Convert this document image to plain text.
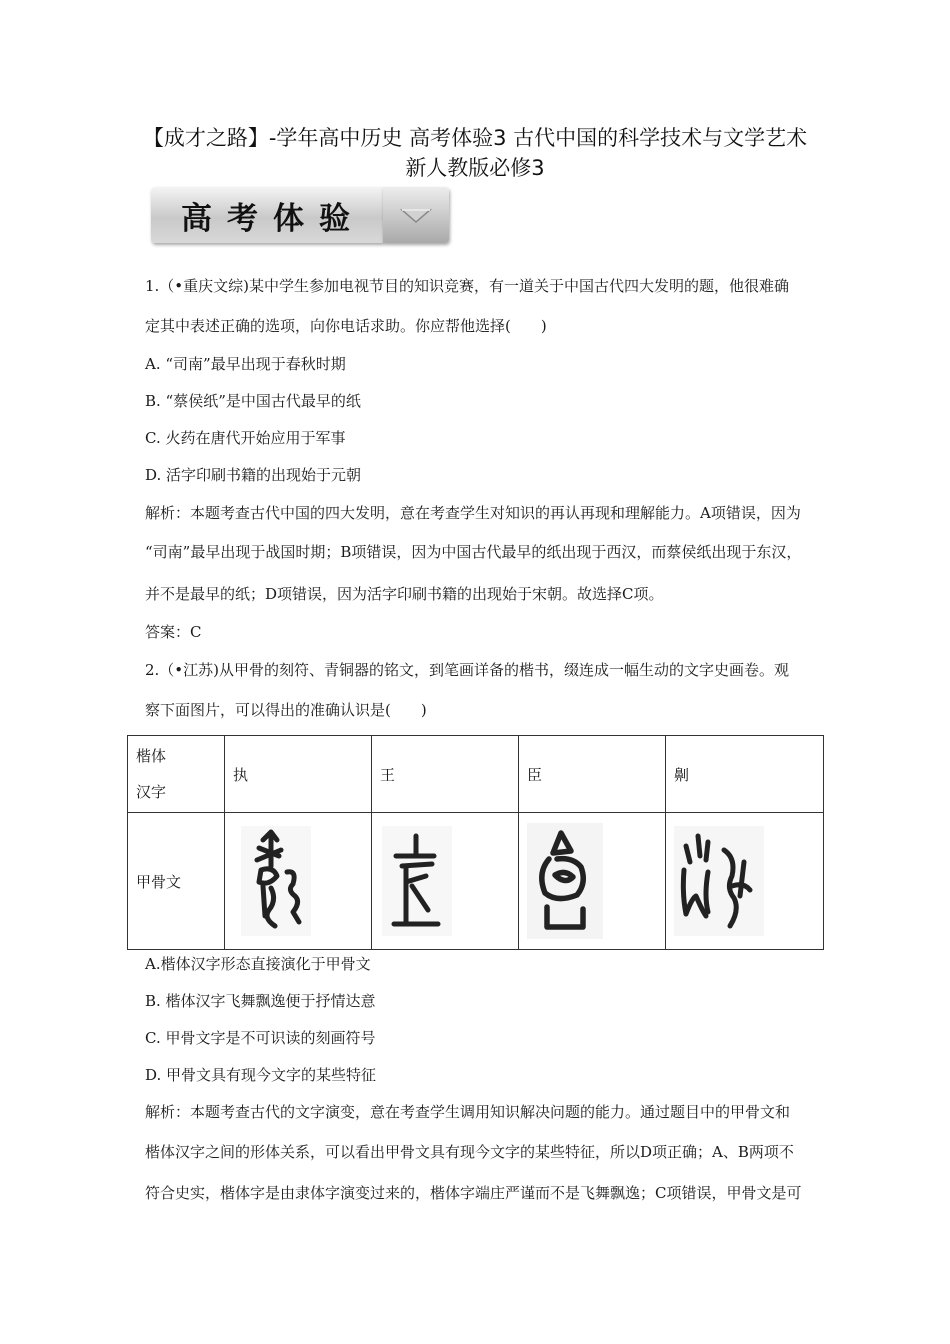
【成才之路】-学年高中历史 高考体验3 古代中国的科学技术与文学艺术
新人教版必修3
高考体验
1.（•重庆文综)某中学生参加电视节目的知识竞赛，有一道关于中国古代四大发明的题，他很难确
定其中表述正确的选项，向你电话求助。你应帮他选择(　　)
A. “司南”最早出现于春秋时期
B. “蔡侯纸”是中国古代最早的纸
C. 火药在唐代开始应用于军事
D. 活字印刷书籍的出现始于元朝
解析：本题考查古代中国的四大发明，意在考查学生对知识的再认再现和理解能力。A项错误，因为
“司南”最早出现于战国时期；B项错误，因为中国古代最早的纸出现于西汉，而蔡侯纸出现于东汉，
并不是最早的纸；D项错误，因为活字印刷书籍的出现始于宋朝。故选择C项。
答案：C
2.（•江苏)从甲骨的刻符、青铜器的铭文，到笔画详备的楷书，缀连成一幅生动的文字史画卷。观
察下面图片，可以得出的准确认识是(　　)
楷体
汉字	执	王	臣	劓
甲骨文	

A.楷体汉字形态直接演化于甲骨文
B. 楷体汉字飞舞飘逸便于抒情达意
C. 甲骨文字是不可识读的刻画符号
D. 甲骨文具有现今文字的某些特征
解析：本题考查古代的文字演变，意在考查学生调用知识解决问题的能力。通过题目中的甲骨文和
楷体汉字之间的形体关系，可以看出甲骨文具有现今文字的某些特征，所以D项正确；A、B两项不
符合史实，楷体字是由隶体字演变过来的，楷体字端庄严谨而不是飞舞飘逸；C项错误，甲骨文是可
